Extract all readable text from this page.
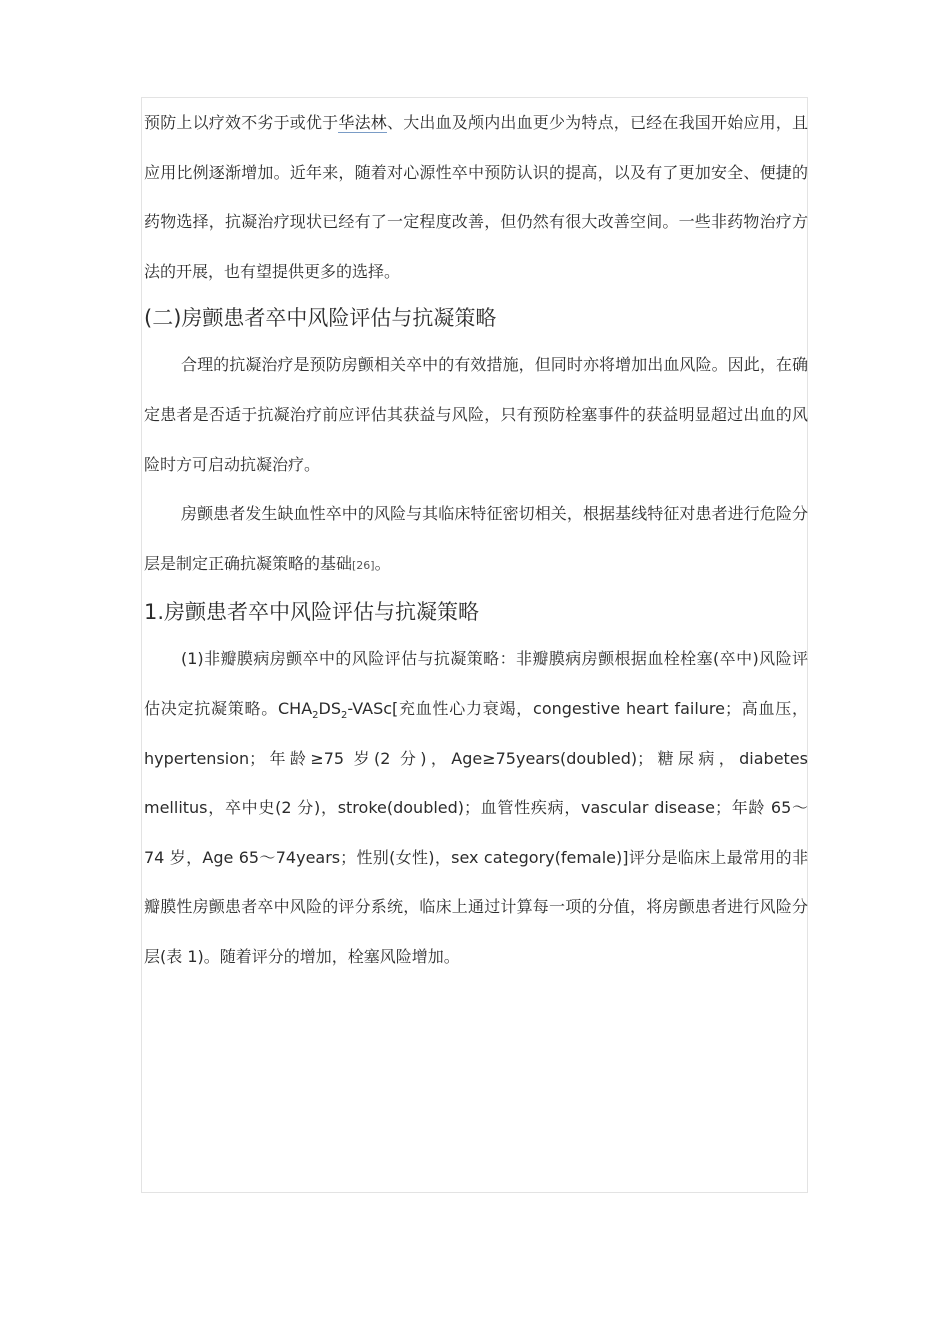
预防上以疗效不劣于或优于华法林、大出血及颅内出血更少为特点，已经在我国开始应用，且应用比例逐渐增加。近年来，随着对心源性卒中预防认识的提高，以及有了更加安全、便捷的药物选择，抗凝治疗现状已经有了一定程度改善，但仍然有很大改善空间。一些非药物治疗方法的开展，也有望提供更多的选择。

(二)房颤患者卒中风险评估与抗凝策略

合理的抗凝治疗是预防房颤相关卒中的有效措施，但同时亦将增加出血风险。因此，在确定患者是否适于抗凝治疗前应评估其获益与风险，只有预防栓塞事件的获益明显超过出血的风险时方可启动抗凝治疗。

房颤患者发生缺血性卒中的风险与其临床特征密切相关，根据基线特征对患者进行危险分层是制定正确抗凝策略的基础[26]。

1.房颤患者卒中风险评估与抗凝策略

(1)非瓣膜病房颤卒中的风险评估与抗凝策略：非瓣膜病房颤根据血栓栓塞(卒中)风险评估决定抗凝策略。$CHA_2DS_2-VASc$[充血性心力衰竭，congestive heart failure；高血压，hypertension；年龄≥75 岁(2 分)，Age≥75years(doubled)；糖尿病，diabetes mellitus，卒中史(2 分)，stroke(doubled)；血管性疾病，vascular disease；年龄 65～74 岁，Age 65～74years；性别(女性)，sex category(female)]评分是临床上最常用的非瓣膜性房颤患者卒中风险的评分系统，临床上通过计算每一项的分值，将房颤患者进行风险分层(表 1)。随着评分的增加，栓塞风险增加。
